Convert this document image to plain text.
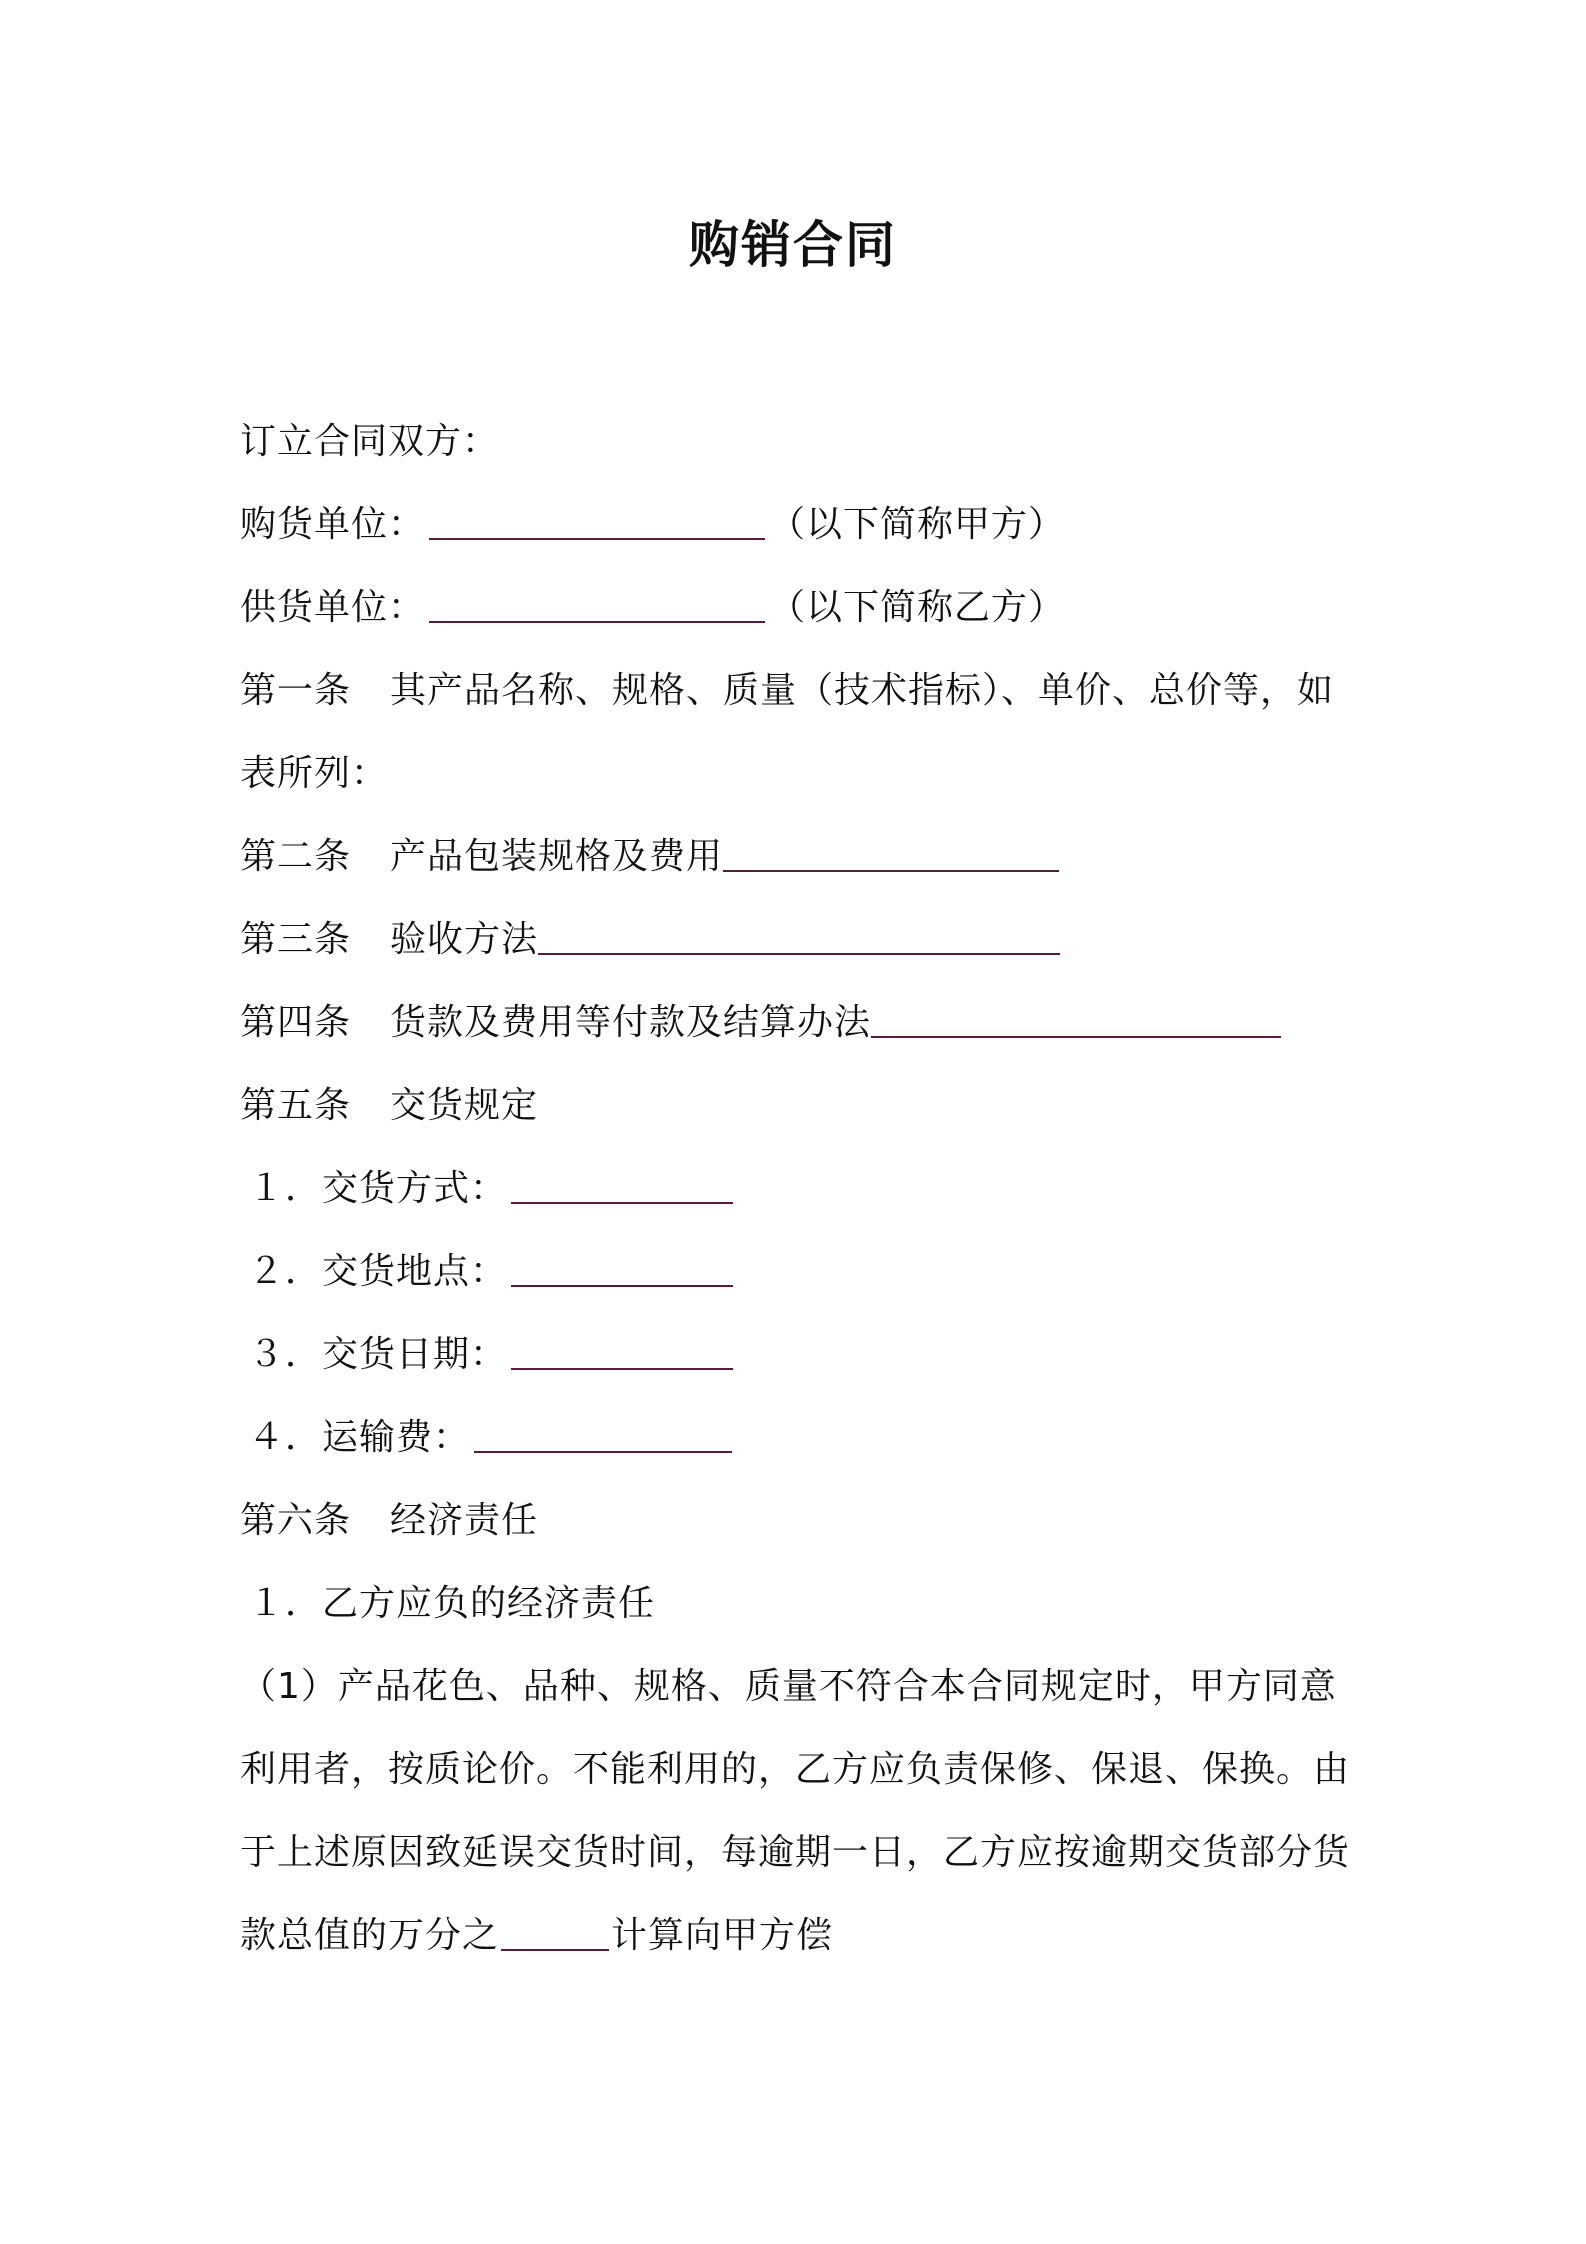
购销合同
订立合同双方：
购货单位：	（以下简称甲方）
供货单位：	（以下简称乙方）
第一条 其产品名称、规格、质量（技术指标）、单价、总价等，如
表所列：
第二条 产品包装规格及费用
第三条 验收方法
第四条 货款及费用等付款及结算办法
第五条 交货规定
１．交货方式：
２．交货地点：
３．交货日期：
４．运输费：
第六条 经济责任
１．乙方应负的经济责任
（1）产品花色、品种、规格、质量不符合本合同规定时，甲方同意
利用者，按质论价。不能利用的，乙方应负责保修、保退、保换。由
于上述原因致延误交货时间，每逾期一日，乙方应按逾期交货部分货
款总值的万分之	计算向甲方偿
